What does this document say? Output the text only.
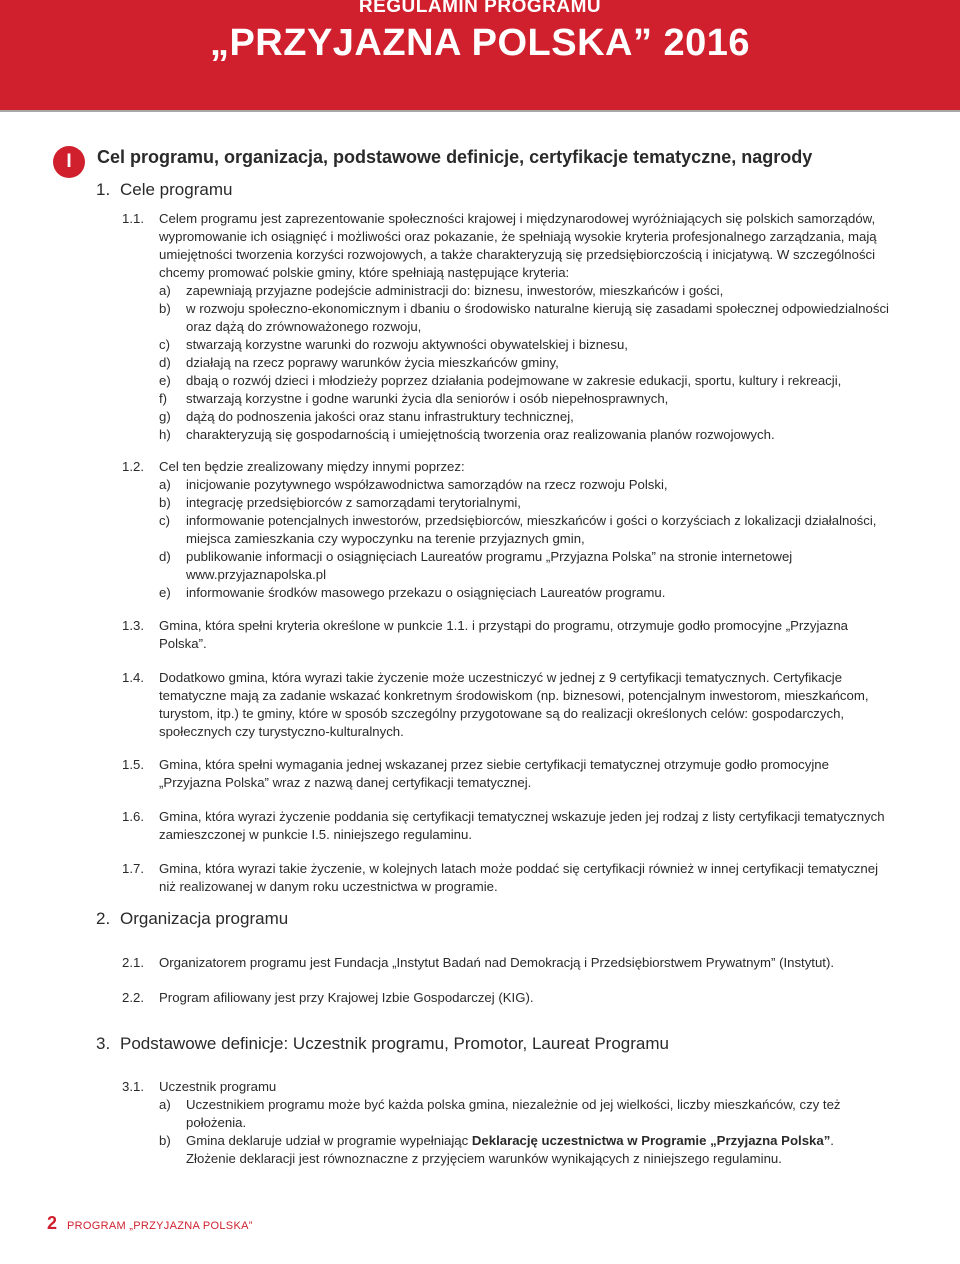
REGULAMIN PROGRAMU
„PRZYJAZNA POLSKA” 2016
I	Cel programu, organizacja, podstawowe definicje, certyfikacje tematyczne, nagrody
1. Cele programu
1.1. Celem programu jest zaprezentowanie społeczności krajowej i międzynarodowej wyróżniających się polskich samorządów,
wypromowanie ich osiągnięć i możliwości oraz pokazanie, że spełniają wysokie kryteria profesjonalnego zarządzania, mają
umiejętności tworzenia korzyści rozwojowych, a także charakteryzują się przedsiębiorczością i inicjatywą. W szczególności
chcemy promować polskie gminy, które spełniają następujące kryteria:
a) zapewniają przyjazne podejście administracji do: biznesu, inwestorów, mieszkańców i gości,
b) w rozwoju społeczno-ekonomicznym i dbaniu o środowisko naturalne kierują się zasadami społecznej odpowiedzialności
oraz dążą do zrównoważonego rozwoju,
c) stwarzają korzystne warunki do rozwoju aktywności obywatelskiej i biznesu,
d) działają na rzecz poprawy warunków życia mieszkańców gminy,
e) dbają o rozwój dzieci i młodzieży poprzez działania podejmowane w zakresie edukacji, sportu, kultury i rekreacji,
f) stwarzają korzystne i godne warunki życia dla seniorów i osób niepełnosprawnych,
g) dążą do podnoszenia jakości oraz stanu infrastruktury technicznej,
h) charakteryzują się gospodarnością i umiejętnością tworzenia oraz realizowania planów rozwojowych.
1.2. Cel ten będzie zrealizowany między innymi poprzez:
a) inicjowanie pozytywnego współzawodnictwa samorządów na rzecz rozwoju Polski,
b) integrację przedsiębiorców z samorządami terytorialnymi,
c) informowanie potencjalnych inwestorów, przedsiębiorców, mieszkańców i gości o korzyściach z lokalizacji działalności,
miejsca zamieszkania czy wypoczynku na terenie przyjaznych gmin,
d) publikowanie informacji o osiągnięciach Laureatów programu „Przyjazna Polska” na stronie internetowej
www.przyjaznapolska.pl
e) informowanie środków masowego przekazu o osiągnięciach Laureatów programu.
1.3. Gmina, która spełni kryteria określone w punkcie 1.1. i przystąpi do programu, otrzymuje godło promocyjne „Przyjazna
Polska”.
1.4. Dodatkowo gmina, która wyrazi takie życzenie może uczestniczyć w jednej z 9 certyfikacji tematycznych. Certyfikacje
tematyczne mają za zadanie wskazać konkretnym środowiskom (np. biznesowi, potencjalnym inwestorom, mieszkańcom,
turystom, itp.) te gminy, które w sposób szczególny przygotowane są do realizacji określonych celów: gospodarczych,
społecznych czy turystyczno-kulturalnych.
1.5. Gmina, która spełni wymagania jednej wskazanej przez siebie certyfikacji tematycznej otrzymuje godło promocyjne
„Przyjazna Polska” wraz z nazwą danej certyfikacji tematycznej.
1.6. Gmina, która wyrazi życzenie poddania się certyfikacji tematycznej wskazuje jeden jej rodzaj z listy certyfikacji tematycznych
zamieszczonej w punkcie I.5. niniejszego regulaminu.
1.7. Gmina, która wyrazi takie życzenie, w kolejnych latach może poddać się certyfikacji również w innej certyfikacji tematycznej
niż realizowanej w danym roku uczestnictwa w programie.
2. Organizacja programu
2.1. Organizatorem programu jest Fundacja „Instytut Badań nad Demokracją i Przedsiębiorstwem Prywatnym” (Instytut).
2.2. Program afiliowany jest przy Krajowej Izbie Gospodarczej (KIG).
3. Podstawowe definicje: Uczestnik programu, Promotor, Laureat Programu
3.1. Uczestnik programu
a) Uczestnikiem programu może być każda polska gmina, niezależnie od jej wielkości, liczby mieszkańców, czy też
położenia.
b) Gmina deklaruje udział w programie wypełniając Deklarację uczestnictwa w Programie „Przyjazna Polska”.
Złożenie deklaracji jest równoznaczne z przyjęciem warunków wynikających z niniejszego regulaminu.
2 PROGRAM „PRZYJAZNA POLSKA”
